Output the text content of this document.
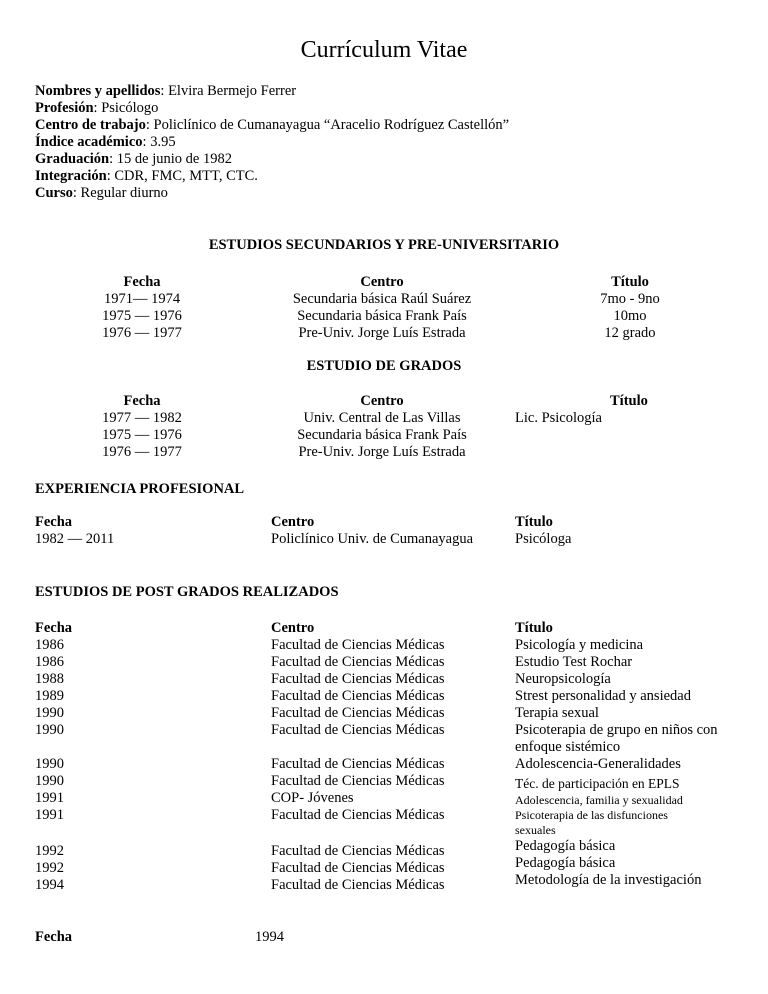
Currículum Vitae
Nombres y apellidos: Elvira Bermejo Ferrer
Profesión: Psicólogo
Centro de trabajo: Policlínico de Cumanayagua “Aracelio Rodríguez Castellón”
Índice académico: 3.95
Graduación: 15 de junio de 1982
Integración: CDR, FMC, MTT, CTC.
Curso: Regular diurno
ESTUDIOS SECUNDARIOS Y PRE-UNIVERSITARIO
Fecha
1971— 1974
1975 — 1976
1976 — 1977
Centro
Secundaria básica Raúl Suárez
Secundaria básica Frank País
Pre-Univ. Jorge Luís Estrada
Título
7mo - 9no
10mo
12 grado
ESTUDIO DE GRADOS
Fecha
1977 — 1982
1975 — 1976
1976 — 1977
Centro
Univ. Central de Las Villas
Secundaria básica Frank País
Pre-Univ. Jorge Luís Estrada
Título
Lic. Psicología
EXPERIENCIA PROFESIONAL
Fecha
1982 — 2011
Centro
Policlínico Univ. de Cumanayagua
Título
Psicóloga
ESTUDIOS DE POST GRADOS REALIZADOS
Fecha
1986
1986
1988
1989
1990
1990
Centro
Facultad de Ciencias Médicas
Facultad de Ciencias Médicas
Facultad de Ciencias Médicas
Facultad de Ciencias Médicas
Facultad de Ciencias Médicas
Facultad de Ciencias Médicas
1990
1990
1991
1991
Facultad de Ciencias Médicas
Facultad de Ciencias Médicas
COP- Jóvenes
Facultad de Ciencias Médicas
1992
1992
1994
Facultad de Ciencias Médicas
Facultad de Ciencias Médicas
Facultad de Ciencias Médicas
Título
Psicología y medicina
Estudio Test Rochar
Neuropsicología
Strest personalidad y ansiedad
Terapia sexual
Psicoterapia de grupo en niños con
enfoque sistémico
Adolescencia-Generalidades
Téc. de participación en EPLS
Adolescencia, familia y sexualidad
Psicoterapia de las disfunciones
sexuales
Pedagogía básica
Pedagogía básica
Metodología de la investigación
Fecha	1994
